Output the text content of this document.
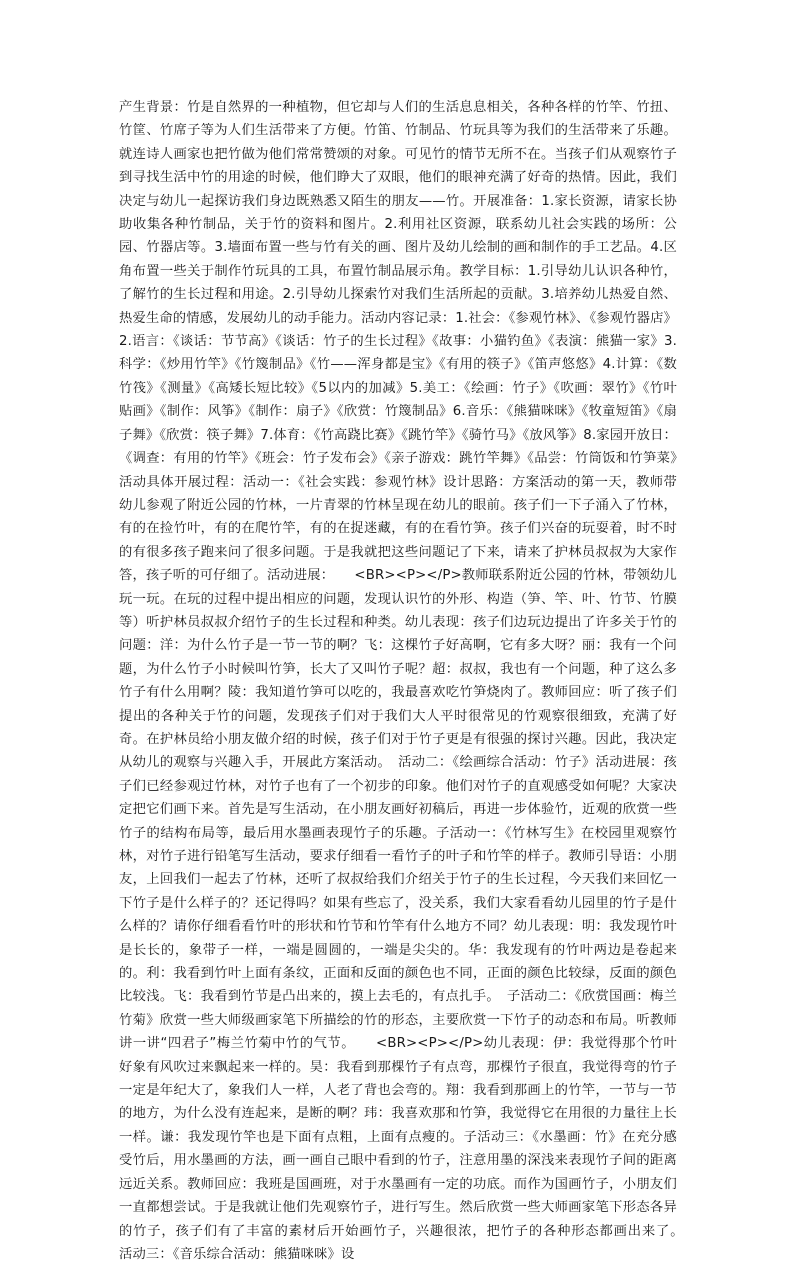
产生背景：竹是自然界的一种植物，但它却与人们的生活息息相关，各种各样的竹竿、竹扭、竹筐、竹席子等为人们生活带来了方便。竹笛、竹制品、竹玩具等为我们的生活带来了乐趣。就连诗人画家也把竹做为他们常常赞颂的对象。可见竹的情节无所不在。当孩子们从观察竹子到寻找生活中竹的用途的时候，他们睁大了双眼，他们的眼神充满了好奇的热情。因此，我们决定与幼儿一起探访我们身边既熟悉又陌生的朋友——竹。开展准备：1.家长资源，请家长协助收集各种竹制品，关于竹的资料和图片。2.利用社区资源，联系幼儿社会实践的场所：公园、竹器店等。3.墙面布置一些与竹有关的画、图片及幼儿绘制的画和制作的手工艺品。4.区角布置一些关于制作竹玩具的工具，布置竹制品展示角。教学目标：1.引导幼儿认识各种竹，了解竹的生长过程和用途。2.引导幼儿探索竹对我们生活所起的贡献。3.培养幼儿热爱自然、热爱生命的情感，发展幼儿的动手能力。活动内容记录：1.社会：《参观竹林》、《参观竹器店》2.语言：《谈话：节节高》《谈话：竹子的生长过程》《故事：小猫钓鱼》《表演：熊猫一家》3.科学：《炒用竹竿》《竹篾制品》《竹——浑身都是宝》《有用的筷子》《笛声悠悠》4.计算：《数竹筏》《测量》《高矮长短比较》《5以内的加减》5.美工：《绘画：竹子》《吹画：翠竹》《竹叶贴画》《制作：风筝》《制作：扇子》《欣赏：竹篾制品》6.音乐：《熊猫咪咪》《牧童短笛》《扇子舞》《欣赏：筷子舞》7.体育：《竹高跷比赛》《跳竹竿》《骑竹马》《放风筝》8.家园开放日：《调查：有用的竹竿》《班会：竹子发布会》《亲子游戏：跳竹竿舞》《品尝：竹筒饭和竹笋菜》活动具体开展过程：活动一：《社会实践：参观竹林》设计思路：方案活动的第一天，教师带幼儿参观了附近公园的竹林，一片青翠的竹林呈现在幼儿的眼前。孩子们一下子涌入了竹林，有的在捡竹叶，有的在爬竹竿，有的在捉迷藏，有的在看竹笋。孩子们兴奋的玩耍着，时不时的有很多孩子跑来问了很多问题。于是我就把这些问题记了下来，请来了护林员叔叔为大家作答，孩子听的可仔细了。活动进展：　　<BR><P></P>教师联系附近公园的竹林，带领幼儿玩一玩。在玩的过程中提出相应的问题，发现认识竹的外形、构造（笋、竿、叶、竹节、竹膜等）听护林员叔叔介绍竹子的生长过程和种类。幼儿表现：孩子们边玩边提出了许多关于竹的问题：洋：为什么竹子是一节一节的啊？飞：这棵竹子好高啊，它有多大呀？丽：我有一个问题，为什么竹子小时候叫竹笋，长大了又叫竹子呢？超：叔叔，我也有一个问题，种了这么多竹子有什么用啊？陵：我知道竹笋可以吃的，我最喜欢吃竹笋烧肉了。教师回应：听了孩子们提出的各种关于竹的问题，发现孩子们对于我们大人平时很常见的竹观察很细致，充满了好奇。在护林员给小朋友做介绍的时候，孩子们对于竹子更是有很强的探讨兴趣。因此，我决定从幼儿的观察与兴趣入手，开展此方案活动。　活动二：《绘画综合活动：竹子》活动进展：孩子们已经参观过竹林，对竹子也有了一个初步的印象。他们对竹子的直观感受如何呢？大家决定把它们画下来。首先是写生活动，在小朋友画好初稿后，再进一步体验竹，近观的欣赏一些竹子的结构布局等，最后用水墨画表现竹子的乐趣。子活动一：《竹林写生》在校园里观察竹林，对竹子进行铅笔写生活动，要求仔细看一看竹子的叶子和竹竿的样子。教师引导语：小朋友，上回我们一起去了竹林，还听了叔叔给我们介绍关于竹子的生长过程，今天我们来回忆一下竹子是什么样子的？还记得吗？如果有些忘了，没关系，我们大家看看幼儿园里的竹子是什么样的？请你仔细看看竹叶的形状和竹节和竹竿有什么地方不同？幼儿表现：明：我发现竹叶是长长的，象带子一样，一端是圆圆的，一端是尖尖的。华：我发现有的竹叶两边是卷起来的。利：我看到竹叶上面有条纹，正面和反面的颜色也不同，正面的颜色比较绿，反面的颜色比较浅。飞：我看到竹节是凸出来的，摸上去毛的，有点扎手。　子活动二：《欣赏国画：梅兰竹菊》欣赏一些大师级画家笔下所描绘的竹的形态，主要欣赏一下竹子的动态和布局。听教师讲一讲“四君子”梅兰竹菊中竹的气节。　　<BR><P></P>幼儿表现：伊：我觉得那个竹叶好象有风吹过来飘起来一样的。昊：我看到那棵竹子有点弯，那棵竹子很直，我觉得弯的竹子一定是年纪大了，象我们人一样，人老了背也会弯的。翔：我看到那画上的竹竿，一节与一节的地方，为什么没有连起来，是断的啊？玮：我喜欢那和竹笋，我觉得它在用很的力量往上长一样。谦：我发现竹竿也是下面有点粗，上面有点瘦的。子活动三：《水墨画：竹》在充分感受竹后，用水墨画的方法，画一画自己眼中看到的竹子，注意用墨的深浅来表现竹子间的距离远近关系。教师回应：我班是国画班，对于水墨画有一定的功底。而作为国画竹子，小朋友们一直都想尝试。于是我就让他们先观察竹子，进行写生。然后欣赏一些大师画家笔下形态各异的竹子，孩子们有了丰富的素材后开始画竹子，兴趣很浓，把竹子的各种形态都画出来了。　活动三：《音乐综合活动：熊猫咪咪》设
